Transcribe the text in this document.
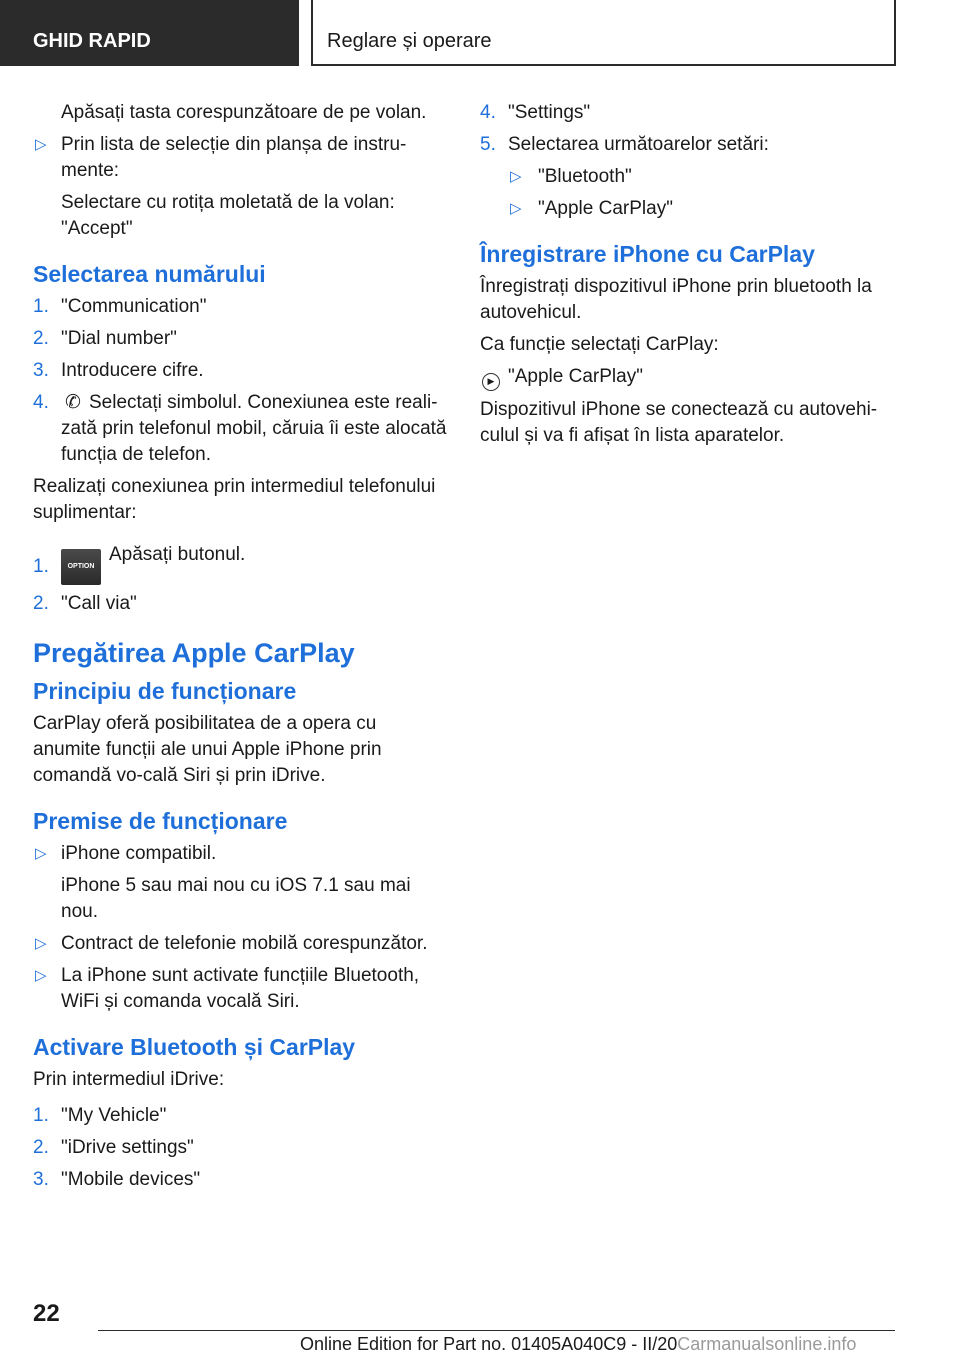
GHID RAPID	Reglare și operare
Apăsați tasta corespunzătoare de pe volan.
▷ Prin lista de selecție din planșa de instru-mente:
Selectare cu rotița moletată de la volan: "Accept"
Selectarea numărului
1. "Communication"
2. "Dial number"
3. Introducere cifre.
4. ✆ Selectați simbolul. Conexiunea este reali-zată prin telefonul mobil, căruia îi este alocată funcția de telefon.
Realizați conexiunea prin intermediul telefonului suplimentar:
1.	OPTIONApăsați butonul.
2. "Call via"
Pregătirea Apple CarPlay
Principiu de funcționare
CarPlay oferă posibilitatea de a opera cu anumite funcții ale unui Apple iPhone prin comandă vo-cală Siri și prin iDrive.
Premise de funcționare
▷ iPhone compatibil.
iPhone 5 sau mai nou cu iOS 7.1 sau mai nou.
▷ Contract de telefonie mobilă corespunzător.
▷ La iPhone sunt activate funcțiile Bluetooth, WiFi și comanda vocală Siri.
Activare Bluetooth și CarPlay
Prin intermediul iDrive:
1. "My Vehicle"
2. "iDrive settings"
3. "Mobile devices"
4. "Settings"
5. Selectarea următoarelor setări:
▷ "Bluetooth"
▷ "Apple CarPlay"
Înregistrare iPhone cu CarPlay
Înregistrați dispozitivul iPhone prin bluetooth la autovehicul.
Ca funcție selectați CarPlay:
▶ "Apple CarPlay"
Dispozitivul iPhone se conectează cu autovehi-culul și va fi afișat în lista aparatelor.
22
Online Edition for Part no. 01405A040C9 - II/20Carmanualsonline.info
